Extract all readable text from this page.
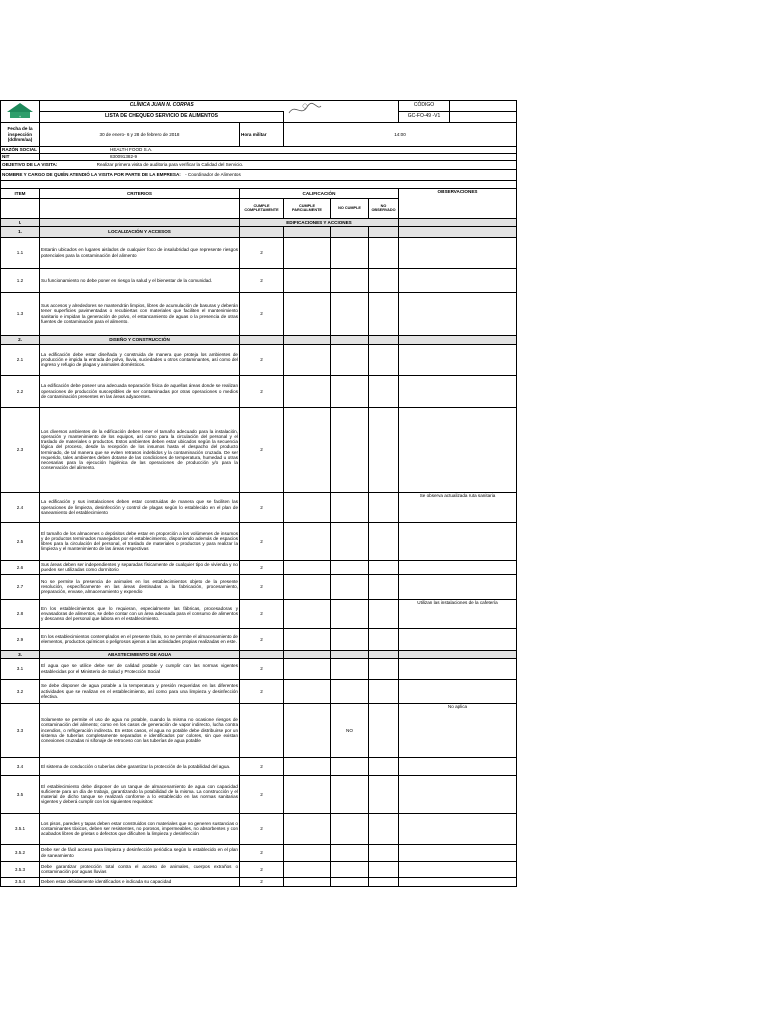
+	CLÍNICA JUAN N. CORPAS					CÓDIGO	
	LISTA DE CHEQUEO SERVICIO DE ALIMENTOS					GC-FO-49 -V1	
Fecha de la inspección (dd/mm/aa)	30 de enero- 6 y 28 de febrero de 2018	Hora militar	14:00				
RAZÓN SOCIAL	HEALTH FOOD S.A.						
NIT	830091382-9						
OBJETIVO DE LA VISITA: Realizar primera visita de auditoria para verificar la Calidad del Servicio.							
NOMBRE Y CARGO DE QUIÉN ATENDIÓ LA VISITA POR PARTE DE LA EMPRESA: - Coordinador de Alimentos							

ITEM	CRITERIOS	CALIFICACIÓN				OBSERVACIONES	
		CUMPLE COMPLETAMENTE	CUMPLE PARCIALMENTE	NO CUMPLE	NO OBSERVADO		
I.		EDIFICACIONES Y ACCIONES					
1.	LOCALIZACIÓN Y ACCESOS						
1.1	Estarán ubicados en lugares aislados de cualquier foco de insalubridad que represente riesgos potenciales para la contaminación del alimento	2					
1.2	Su funcionamiento no debe poner en riesgo la salud y el bienestar de la comunidad.	2					
1.3	Sus accesos y alrededores se mantendrán limpios, libres de acumulación de basuras y deberán tener superficies pavimentadas o recubiertas con materiales que faciliten el mantenimiento sanitario e impidan la generación de polvo, el estancamiento de aguas o la presencia de otras fuentes de contaminación para el alimento.	2					
2.	DISEÑO Y CONSTRUCCIÓN						
2.1	La edificación debe estar diseñada y construida de manera que proteja los ambientes de producción e impida la entrada de polvo, lluvia, suciedades u otros contaminantes, así como del ingreso y refugio de plagas y animales domésticos.	2					
2.2	La edificación debe poseer una adecuada separación física de aquellas áreas donde se realizan operaciones de producción susceptibles de ser contaminadas por otras operaciones o medios de contaminación presentes en las áreas adyacentes.	2					
2.3	Los diversos ambientes de la edificación deben tener el tamaño adecuado para la instalación, operación y mantenimiento de los equipos, así como para la circulación del personal y el traslado de materiales o productos. Estos ambientes deben estar ubicados según la secuencia lógica del proceso, desde la recepción de los insumos hasta el despacho del producto terminado, de tal manera que se eviten retrasos indebidos y la contaminación cruzada. De ser requerido, tales ambientes deben dotarse de las condiciones de temperatura, humedad u otras necesarias para la ejecución higiénica de las operaciones de producción y/o para la conservación del alimento.	2					
2.4	La edificación y sus instalaciones deben estar construidas de manera que se faciliten las operaciones de limpieza, desinfección y control de plagas según lo establecido en el plan de saneamiento del establecimiento	2				Se observa actualizada ruta sanitaria	
2.5	El tamaño de los almacenes o depósitos debe estar en proporción a los volúmenes de insumos y de productos terminados manejados por el establecimiento, disponiendo además de espacios libres para la circulación del personal, el traslado de materiales o productos y para realizar la limpieza y el mantenimiento de las áreas respectivas	2					
2.6	Sus áreas deben ser independientes y separadas físicamente de cualquier tipo de vivienda y no pueden ser utilizadas como dormitorio	2					
2.7	No se permite la presencia de animales en los establecimientos objeto de la presente resolución, específicamente en las áreas destinadas a la fabricación, procesamiento, preparación, envase, almacenamiento y expendio	2					
2.8	En los establecimientos que lo requieran, especialmente las fábricas, procesadoras y envasadoras de alimentos, se debe contar con un área adecuada para el consumo de alimentos y descanso del personal que labora en el establecimiento.	2				Utilizan las instalaciones de la cafetería	
2.9	En los establecimientos contemplados en el presente título, no se permite el almacenamiento de elementos, productos químicos o peligrosos ajenos a las actividades propias realizadas en este.	2					
3.	ABASTECIMIENTO DE AGUA						
3.1	El agua que se utilice debe ser de calidad potable y cumplir con las normas vigentes establecidas por el Ministerio de Salud y Protección Social	2					
3.2	Se debe disponer de agua potable a la temperatura y presión requeridas en las diferentes actividades que se realizan en el establecimiento, así como para una limpieza y desinfección efectiva.	2					
3.3	Solamente se permite el uso de agua no potable, cuando la misma no ocasione riesgos de contaminación del alimento; como en los casos de generación de vapor indirecto, lucha contra incendios, o refrigeración indirecta. En estos casos, el agua no potable debe distribuirse por un sistema de tuberías completamente separados e identificados por colores, sin que existan conexiones cruzadas ni sifonaje de retroceso con las tuberías de agua potable			NO		No aplica	
3.4	El sistema de conducción o tuberías debe garantizar la protección de la potabilidad del agua.	2					
3.5	El establecimiento debe disponer de un tanque de almacenamiento de agua con capacidad suficiente para un día de trabajo, garantizando la potabilidad de la misma. La construcción y el material de dicho tanque se realizará conforme a lo establecido en las normas sanitarias vigentes y deberá cumplir con los siguientes requisitos:	2					
3.5.1	Los pisos, paredes y tapas deben estar construidos con materiales que no generen sustancias o contaminantes tóxicos, deben ser resistentes, no porosos, impermeables, no absorbentes y con acabados libres de grietas o defectos que dificulten la limpieza y desinfección	2					
3.5.2	Debe ser de fácil acceso para limpieza y desinfección periódica según lo establecido en el plan de saneamiento	2					
3.5.3	Debe garantizar protección total contra el acceso de animales, cuerpos extraños o contaminación por aguas lluvias	2					
3.5.4	Deben estar debidamente identificados e indicada su capacidad	2					
